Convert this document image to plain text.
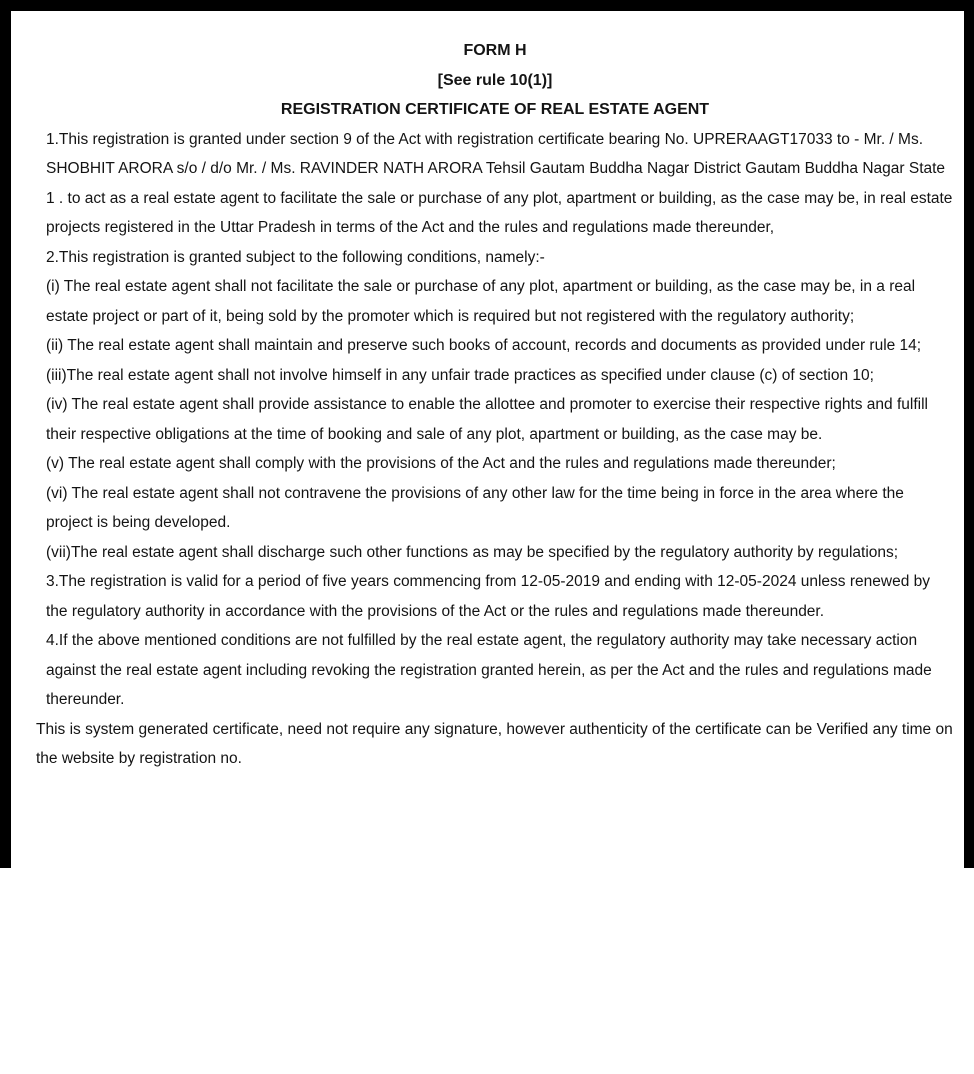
FORM H

[See rule 10(1)]

REGISTRATION CERTIFICATE OF REAL ESTATE AGENT

1.This registration is granted under section 9 of the Act with registration certificate bearing No. UPRERAAGT17033 to - Mr. / Ms. SHOBHIT ARORA s/o / d/o Mr. / Ms. RAVINDER NATH ARORA Tehsil Gautam Buddha Nagar District Gautam Buddha Nagar State 1 . to act as a real estate agent to facilitate the sale or purchase of any plot, apartment or building, as the case may be, in real estate projects registered in the Uttar Pradesh in terms of the Act and the rules and regulations made thereunder,

2.This registration is granted subject to the following conditions, namely:-

(i) The real estate agent shall not facilitate the sale or purchase of any plot, apartment or building, as the case may be, in a real estate project or part of it, being sold by the promoter which is required but not registered with the regulatory authority;

(ii) The real estate agent shall maintain and preserve such books of account, records and documents as provided under rule 14;

(iii)The real estate agent shall not involve himself in any unfair trade practices as specified under clause (c) of section 10;

(iv) The real estate agent shall provide assistance to enable the allottee and promoter to exercise their respective rights and fulfill their respective obligations at the time of booking and sale of any plot, apartment or building, as the case may be.

(v) The real estate agent shall comply with the provisions of the Act and the rules and regulations made thereunder;

(vi) The real estate agent shall not contravene the provisions of any other law for the time being in force in the area where the project is being developed.

(vii)The real estate agent shall discharge such other functions as may be specified by the regulatory authority by regulations;

3.The registration is valid for a period of five years commencing from 12-05-2019 and ending with 12-05-2024 unless renewed by the regulatory authority in accordance with the provisions of the Act or the rules and regulations made thereunder.

4.If the above mentioned conditions are not fulfilled by the real estate agent, the regulatory authority may take necessary action against the real estate agent including revoking the registration granted herein, as per the Act and the rules and regulations made thereunder.

This is system generated certificate, need not require any signature, however authenticity of the certificate can be Verified any time on the website by registration no.
